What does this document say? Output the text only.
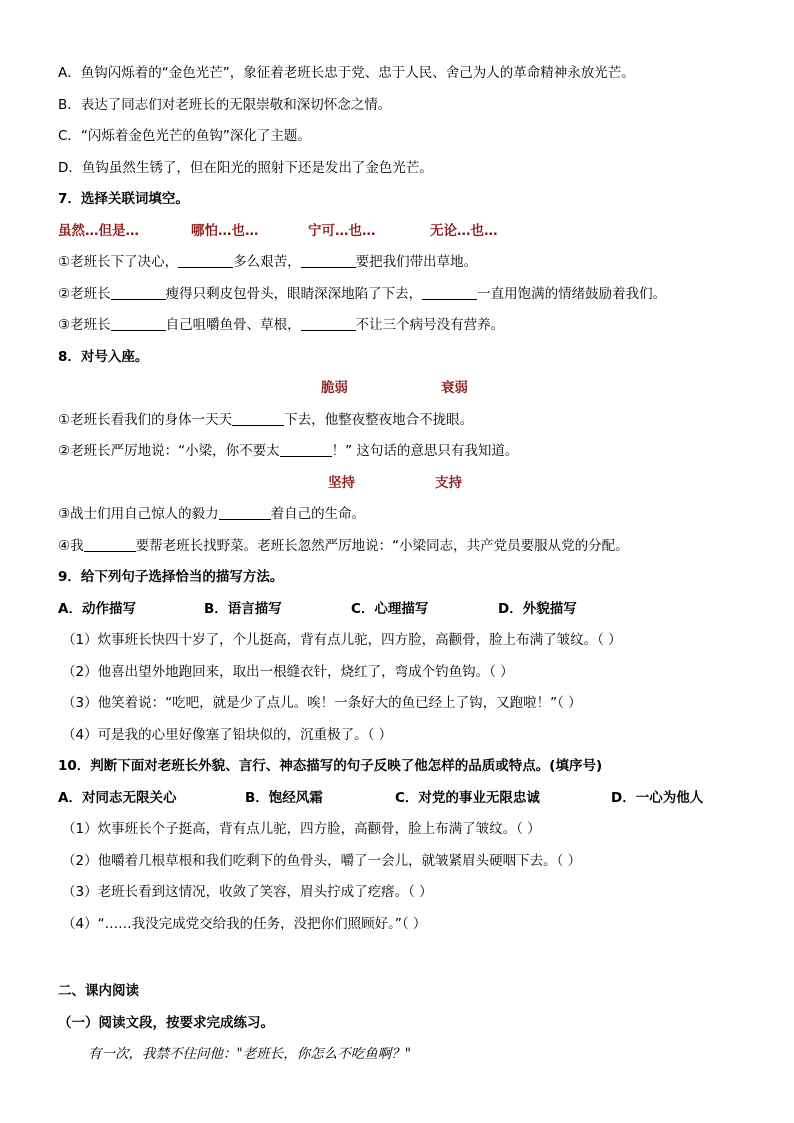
A．鱼钩闪烁着的“金色光芒”，象征着老班长忠于党、忠于人民、舍己为人的革命精神永放光芒。
B．表达了同志们对老班长的无限崇敬和深切怀念之情。
C．“闪烁着金色光芒的鱼钩”深化了主题。
D．鱼钩虽然生锈了，但在阳光的照射下还是发出了金色光芒。
7．选择关联词填空。
虽然…但是…	哪怕…也…	宁可…也…	无论…也…
①老班长下了决心，	多么艰苦，	要把我们带出草地。
②老班长	瘦得只剩皮包骨头，眼睛深深地陷了下去，	一直用饱满的情绪鼓励着我们。
③老班长	自己咀嚼鱼骨、草根，	不让三个病号没有营养。
8．对号入座。
脆弱	衰弱
①老班长看我们的身体一天天	下去，他整夜整夜地合不拢眼。
②老班长严厉地说：“小梁，你不要太	！” 这句话的意思只有我知道。
坚持	支持
③战士们用自己惊人的毅力	着自己的生命。
④我	要帮老班长找野菜。老班长忽然严厉地说：“小梁同志，共产党员要服从党的分配。
9．给下列句子选择恰当的描写方法。
A．动作描写	B．语言描写	C．心理描写	D．外貌描写
（1）炊事班长快四十岁了，个儿挺高，背有点儿驼，四方脸，高颧骨，脸上布满了皱纹。（ ）
（2）他喜出望外地跑回来，取出一根缝衣针，烧红了，弯成个钓鱼钩。（ ）
（3）他笑着说：“吃吧，就是少了点儿。唉！一条好大的鱼已经上了钩，又跑啦！”（ ）
（4）可是我的心里好像塞了铅块似的，沉重极了。（ ）
10．判断下面对老班长外貌、言行、神态描写的句子反映了他怎样的品质或特点。(填序号)
A．对同志无限关心	B．饱经风霜	C．对党的事业无限忠诚	D．一心为他人
（1）炊事班长个子挺高，背有点儿驼，四方脸，高颧骨，脸上布满了皱纹。（ ）
（2）他嚼着几根草根和我们吃剩下的鱼骨头，嚼了一会儿，就皱紧眉头硬咽下去。（ ）
（3）老班长看到这情况，收敛了笑容，眉头拧成了疙瘩。（ ）
（4）“……我没完成党交给我的任务，没把你们照顾好。”（ ）
二、课内阅读
（一）阅读文段，按要求完成练习。
有一次，我禁不住问他："老班长，你怎么不吃鱼啊？"
